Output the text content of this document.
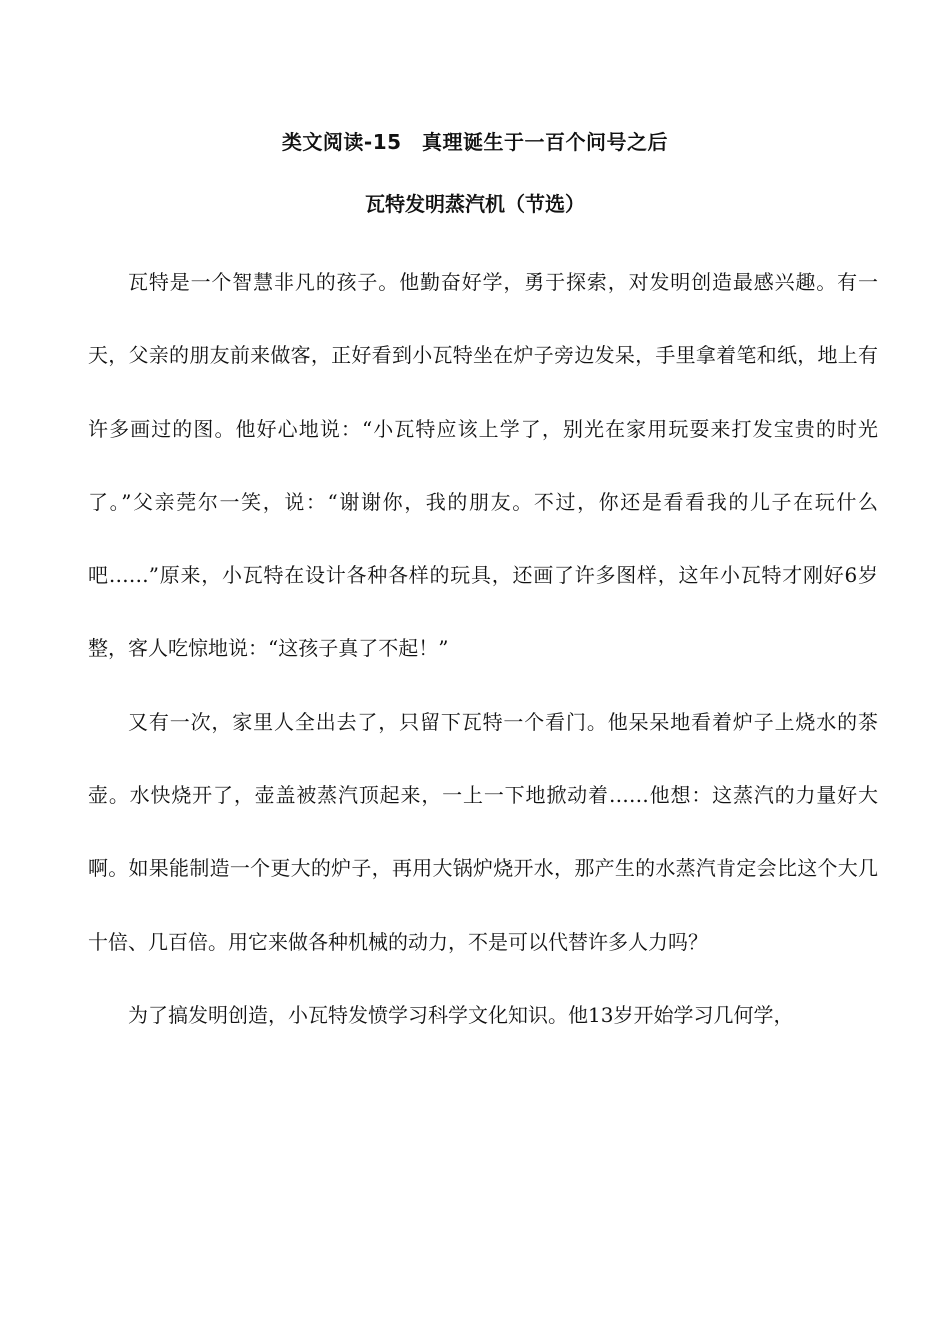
类文阅读-15　真理诞生于一百个问号之后
瓦特发明蒸汽机（节选）

瓦特是一个智慧非凡的孩子。他勤奋好学，勇于探索，对发明创造最感兴趣。有一天，父亲的朋友前来做客，正好看到小瓦特坐在炉子旁边发呆，手里拿着笔和纸，地上有许多画过的图。他好心地说：“小瓦特应该上学了，别光在家用玩耍来打发宝贵的时光了。”父亲莞尔一笑，说：“谢谢你，我的朋友。不过，你还是看看我的儿子在玩什么吧……”原来，小瓦特在设计各种各样的玩具，还画了许多图样，这年小瓦特才刚好6岁整，客人吃惊地说：“这孩子真了不起！”

又有一次，家里人全出去了，只留下瓦特一个看门。他呆呆地看着炉子上烧水的茶壶。水快烧开了，壶盖被蒸汽顶起来，一上一下地掀动着……他想：这蒸汽的力量好大啊。如果能制造一个更大的炉子，再用大锅炉烧开水，那产生的水蒸汽肯定会比这个大几十倍、几百倍。用它来做各种机械的动力，不是可以代替许多人力吗？

为了搞发明创造，小瓦特发愤学习科学文化知识。他13岁开始学习几何学，
